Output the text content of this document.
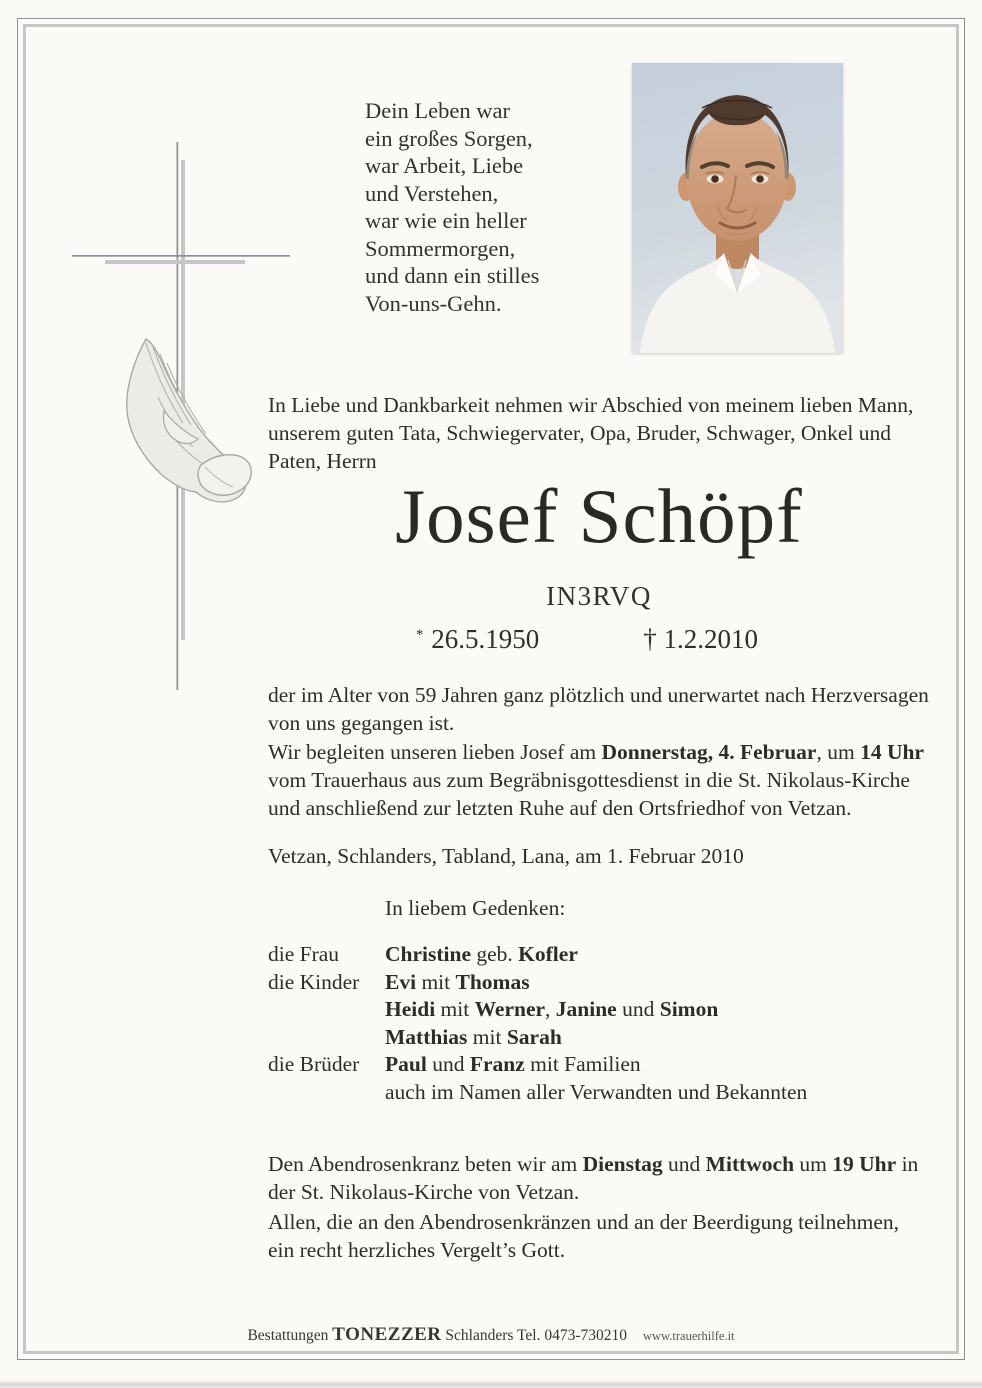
Dein Leben war
ein großes Sorgen,
war Arbeit, Liebe
und Verstehen,
war wie ein heller
Sommermorgen,
und dann ein stilles
Von-uns-Gehn.
In Liebe und Dankbarkeit nehmen wir Abschied von meinem lieben Mann, unserem guten Tata, Schwiegervater, Opa, Bruder, Schwager, Onkel und Paten, Herrn
Josef Schöpf
IN3RVQ
* 26.5.1950	† 1.2.2010
der im Alter von 59 Jahren ganz plötzlich und unerwartet nach Herzversagen von uns gegangen ist.
Wir begleiten unseren lieben Josef am Donnerstag, 4. Februar, um 14 Uhr vom Trauerhaus aus zum Begräbnisgottesdienst in die St. Nikolaus-Kirche und anschließend zur letzten Ruhe auf den Ortsfriedhof von Vetzan.
Vetzan, Schlanders, Tabland, Lana, am 1. Februar 2010
In liebem Gedenken:
die Frau	Christine geb. Kofler
die Kinder	Evi mit Thomas
Heidi mit Werner, Janine und Simon
Matthias mit Sarah
die Brüder	Paul und Franz mit Familien
auch im Namen aller Verwandten und Bekannten
Den Abendrosenkranz beten wir am Dienstag und Mittwoch um 19 Uhr in der St. Nikolaus-Kirche von Vetzan.
Allen, die an den Abendrosenkränzen und an der Beerdigung teilnehmen, ein recht herzliches Vergelt’s Gott.
Bestattungen TONEZZER Schlanders Tel. 0473-730210 www.trauerhilfe.it
